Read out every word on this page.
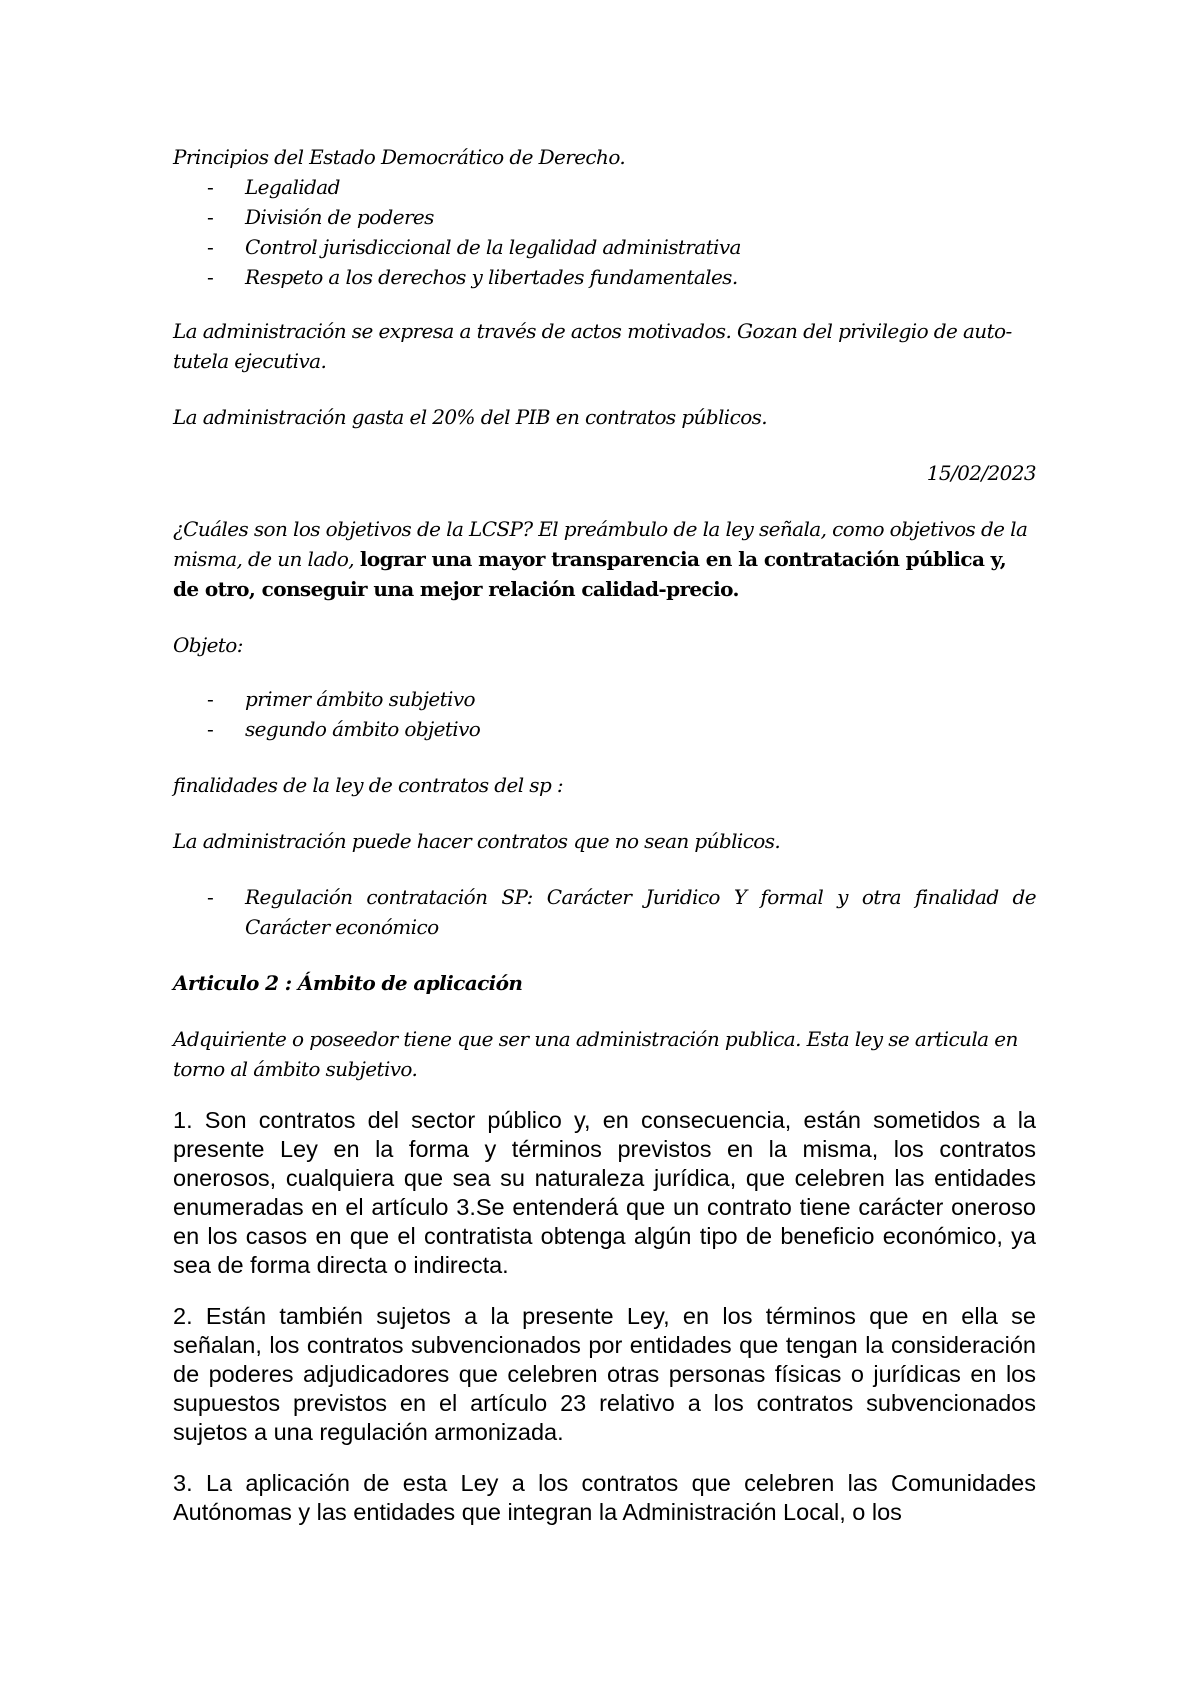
Principios del Estado Democrático de Derecho.

- Legalidad
- División de poderes
- Control jurisdiccional de la legalidad administrativa
- Respeto a los derechos y libertades fundamentales.

La administración se expresa a través de actos motivados. Gozan del privilegio de auto-tutela ejecutiva.

La administración gasta el 20% del PIB en contratos públicos.

15/02/2023

¿Cuáles son los objetivos de la LCSP? El preámbulo de la ley señala, como objetivos de la misma, de un lado, lograr una mayor transparencia en la contratación pública y, de otro, conseguir una mejor relación calidad-precio.

Objeto:

- primer ámbito subjetivo
- segundo ámbito objetivo

finalidades de la ley de contratos del sp :

La administración puede hacer contratos que no sean públicos.

- Regulación contratación SP: Carácter Juridico Y formal y otra finalidad de Carácter económico

Articulo 2 : Ámbito de aplicación

Adquiriente o poseedor tiene que ser una administración publica. Esta ley se articula en torno al ámbito subjetivo.

1. Son contratos del sector público y, en consecuencia, están sometidos a la presente Ley en la forma y términos previstos en la misma, los contratos onerosos, cualquiera que sea su naturaleza jurídica, que celebren las entidades enumeradas en el artículo 3.Se entenderá que un contrato tiene carácter oneroso en los casos en que el contratista obtenga algún tipo de beneficio económico, ya sea de forma directa o indirecta.

2. Están también sujetos a la presente Ley, en los términos que en ella se señalan, los contratos subvencionados por entidades que tengan la consideración de poderes adjudicadores que celebren otras personas físicas o jurídicas en los supuestos previstos en el artículo 23 relativo a los contratos subvencionados sujetos a una regulación armonizada.

3. La aplicación de esta Ley a los contratos que celebren las Comunidades Autónomas y las entidades que integran la Administración Local, o los
